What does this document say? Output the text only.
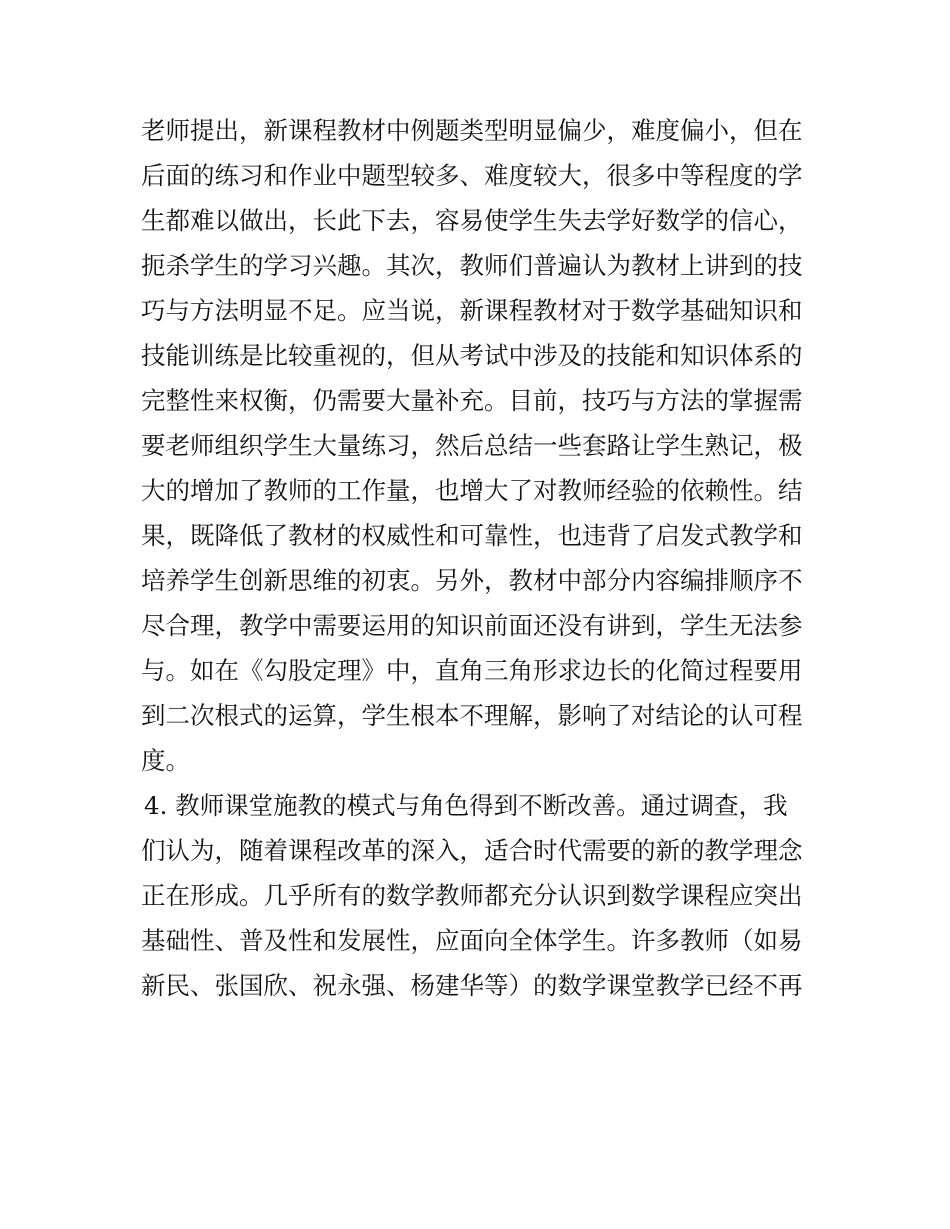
老师提出，新课程教材中例题类型明显偏少，难度偏小，但在
后面的练习和作业中题型较多、难度较大，很多中等程度的学
生都难以做出，长此下去，容易使学生失去学好数学的信心，
扼杀学生的学习兴趣。其次，教师们普遍认为教材上讲到的技
巧与方法明显不足。应当说，新课程教材对于数学基础知识和
技能训练是比较重视的，但从考试中涉及的技能和知识体系的
完整性来权衡，仍需要大量补充。目前，技巧与方法的掌握需
要老师组织学生大量练习，然后总结一些套路让学生熟记，极
大的增加了教师的工作量，也增大了对教师经验的依赖性。结
果，既降低了教材的权威性和可靠性，也违背了启发式教学和
培养学生创新思维的初衷。另外，教材中部分内容编排顺序不
尽合理，教学中需要运用的知识前面还没有讲到，学生无法参
与。如在《勾股定理》中，直角三角形求边长的化简过程要用
到二次根式的运算，学生根本不理解，影响了对结论的认可程
度。
4. 教师课堂施教的模式与角色得到不断改善。通过调查，我
们认为，随着课程改革的深入，适合时代需要的新的教学理念
正在形成。几乎所有的数学教师都充分认识到数学课程应突出
基础性、普及性和发展性，应面向全体学生。许多教师（如易
新民、张国欣、祝永强、杨建华等）的数学课堂教学已经不再
